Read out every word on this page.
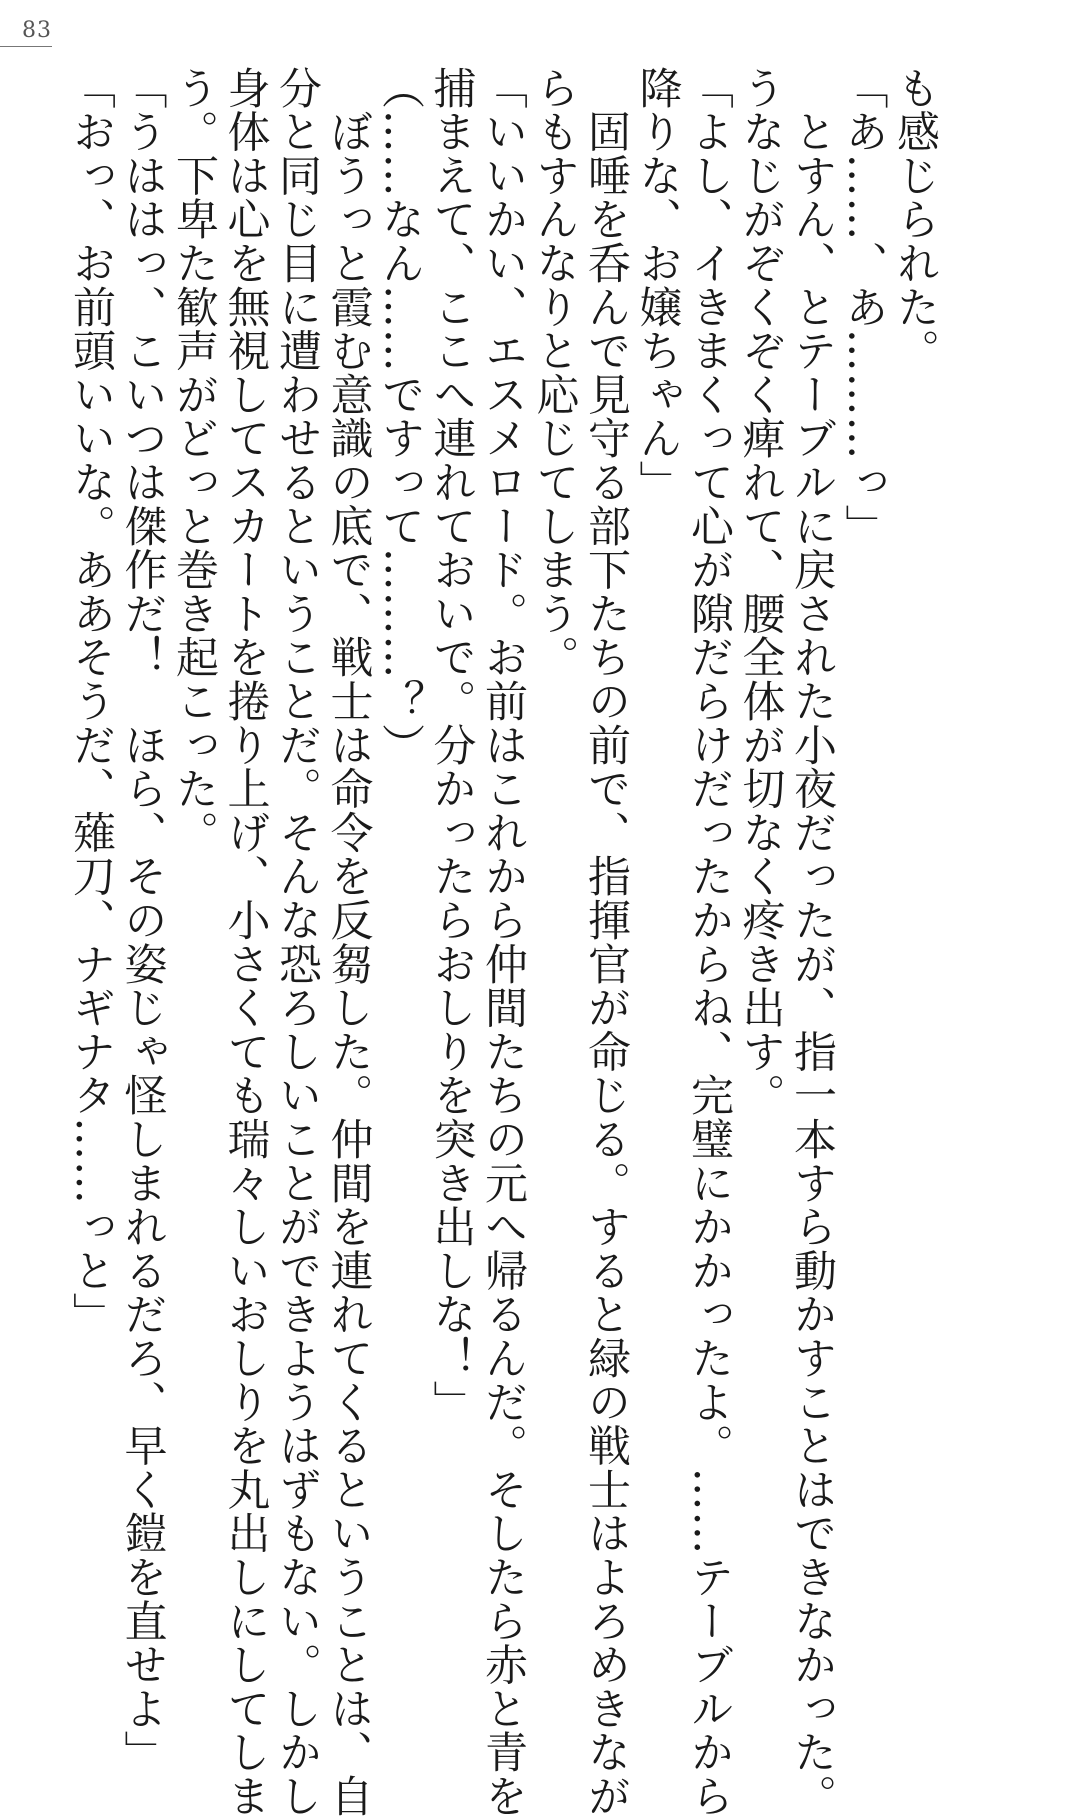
83
も感じられた。
「あ……、あ………っ」
　とすん、とテーブルに戻された小夜だったが、指一本すら動かすことはできなかった。
うなじがぞくぞく痺れて、腰全体が切なく疼き出す。
「よし、イきまくって心が隙だらけだったからね、完璧にかかったよ。……テーブルから
降りな、お嬢ちゃん」
　固唾を呑んで見守る部下たちの前で、指揮官が命じる。すると緑の戦士はよろめきなが
らもすんなりと応じてしまう。
「いいかい、エスメロード。お前はこれから仲間たちの元へ帰るんだ。そしたら赤と青を
捕まえて、ここへ連れておいで。分かったらおしりを突き出しな！」
（……なん……ですって………？）
　ぼうっと霞む意識の底で、戦士は命令を反芻した。仲間を連れてくるということは、自
分と同じ目に遭わせるということだ。そんな恐ろしいことができようはずもない。しかし
身体は心を無視してスカートを捲り上げ、小さくても瑞々しいおしりを丸出しにしてしま
う。下卑た歓声がどっと巻き起こった。
「うははっ、こいつは傑作だ！　ほら、その姿じゃ怪しまれるだろ、早く鎧を直せよ」
「おっ、お前頭いいな。ああそうだ、薙刀、ナギナタ……っと」
